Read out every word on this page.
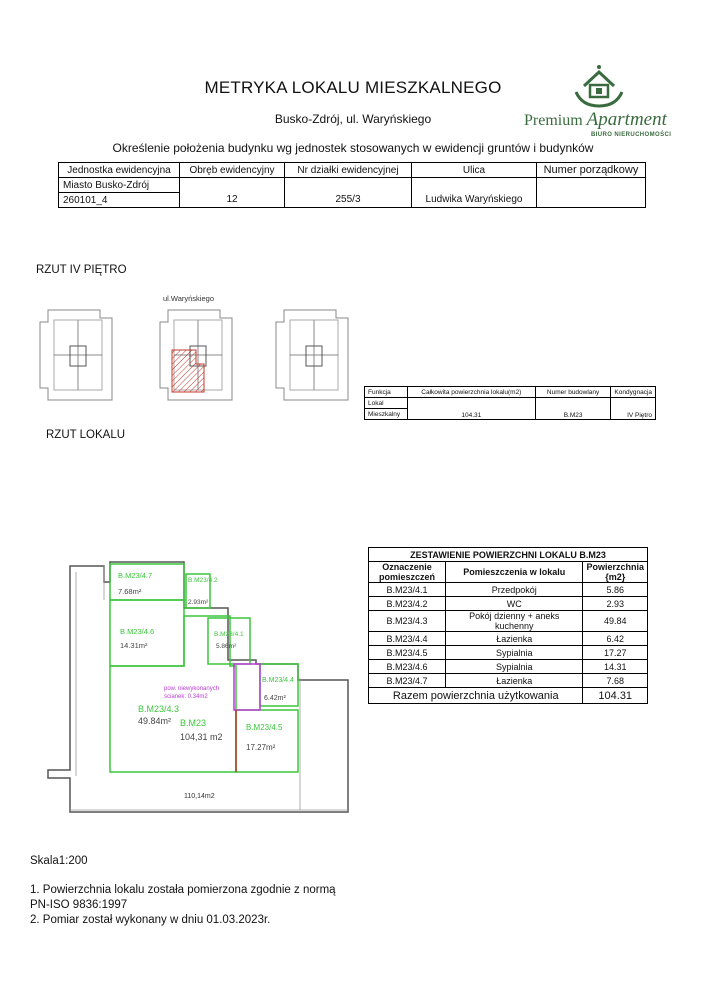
METRYKA LOKALU MIESZKALNEGO
Busko-Zdrój, ul. Waryńskiego
Określenie położenia budynku wg jednostek stosowanych w ewidencji gruntów i budynków
Premium Apartment
BIURO NIERUCHOMOŚCI
Jednostka ewidencyjna	Obręb ewidencyjny	Nr działki ewidencyjnej	Ulica	Numer porządkowy
Miasto Busko-Zdrój	12	255/3	Ludwika Waryńskiego	
260101_4				
RZUT IV PIĘTRO
ul.Waryńskiego
Funkcja	Całkowita powierzchnia lokalu(m2)	Numer budowlany	Kondygnacja
Lokal	104.31	B.M23	IV Piętro
Mieszkalny			
RZUT LOKALU
ZESTAWIENIE POWIERZCHNI LOKALU B.M23		
Oznaczenie pomieszczeń	Pomieszczenia w lokalu	Powierzchnia {m2}
B.M23/4.1	Przedpokój	5.86
B.M23/4.2	WC	2.93
B.M23/4.3	Pokój dzienny + aneks kuchenny	49.84
B.M23/4.4	Łazienka	6.42
B.M23/4.5	Sypialnia	17.27
B.M23/4.6	Sypialnia	14.31
B.M23/4.7	Łazienka	7.68
Razem powierzchnia użytkowania		104.31
B.M23/4.7
7.68m²
B.M23/4.2
2.93m²
B.M23/4.6
14.31m²
B.M23/4.1
5.86m²
B.M23/4.4
6.42m²
B.M23/4.3
49.84m² B.M23
104,31 m2
B.M23/4.5
17.27m²
pow. niewykonanych
ścianek: 0.34m2
110,14m2
Skala1:200
1. Powierzchnia lokalu została pomierzona zgodnie z normą
PN-ISO 9836:1997
2. Pomiar został wykonany w dniu 01.03.2023r.
